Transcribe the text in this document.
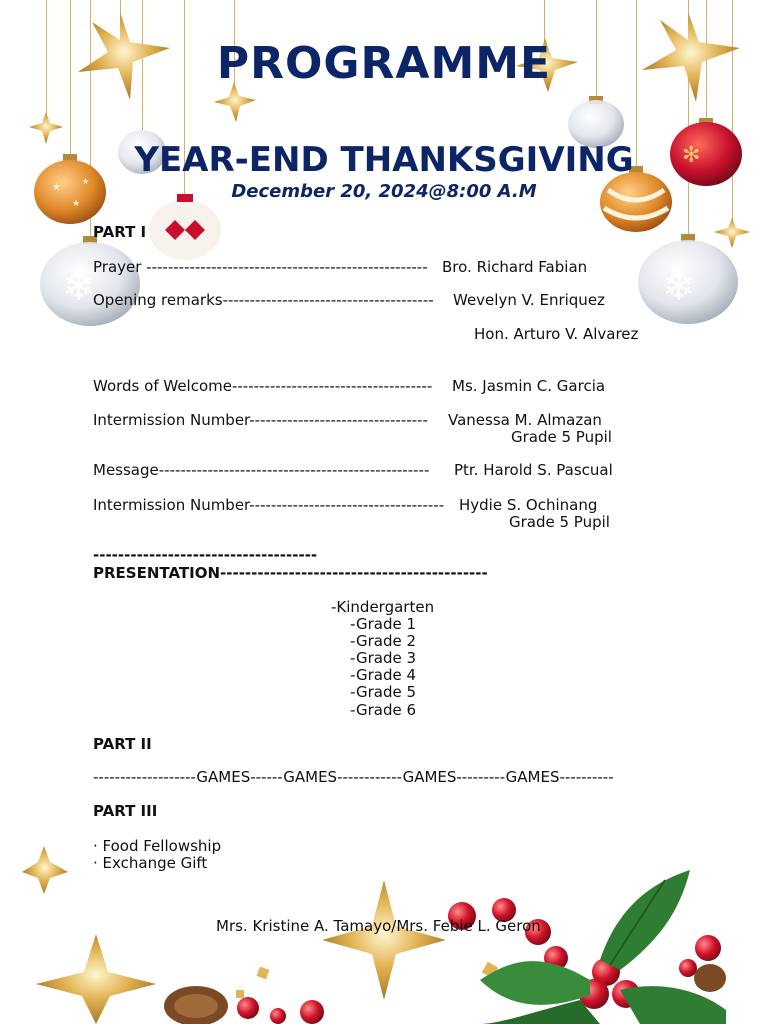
★
★
★
❄
✻
❄
PROGRAMME
YEAR-END THANKSGIVING
December 20, 2024@8:00 A.M
PART I
Prayer ---------------------------------------------------- Bro. Richard Fabian
Opening remarks--------------------------------------- Wevelyn V. Enriquez
Hon. Arturo V. Alvarez
Words of Welcome------------------------------------- Ms. Jasmin C. Garcia
Intermission Number--------------------------------- Vanessa M. Almazan
Grade 5 Pupil
Message-------------------------------------------------- Ptr. Harold S. Pascual
Intermission Number------------------------------------ Hydie S. Ochinang
Grade 5 Pupil
------------------------------------
PRESENTATION-------------------------------------------
-Kindergarten
-Grade 1
-Grade 2
-Grade 3
-Grade 4
-Grade 5
-Grade 6
PART II
-------------------GAMES------GAMES------------GAMES---------GAMES----------
PART III
· Food Fellowship
· Exchange Gift
Mrs. Kristine A. Tamayo/Mrs. Febie L. Geron
